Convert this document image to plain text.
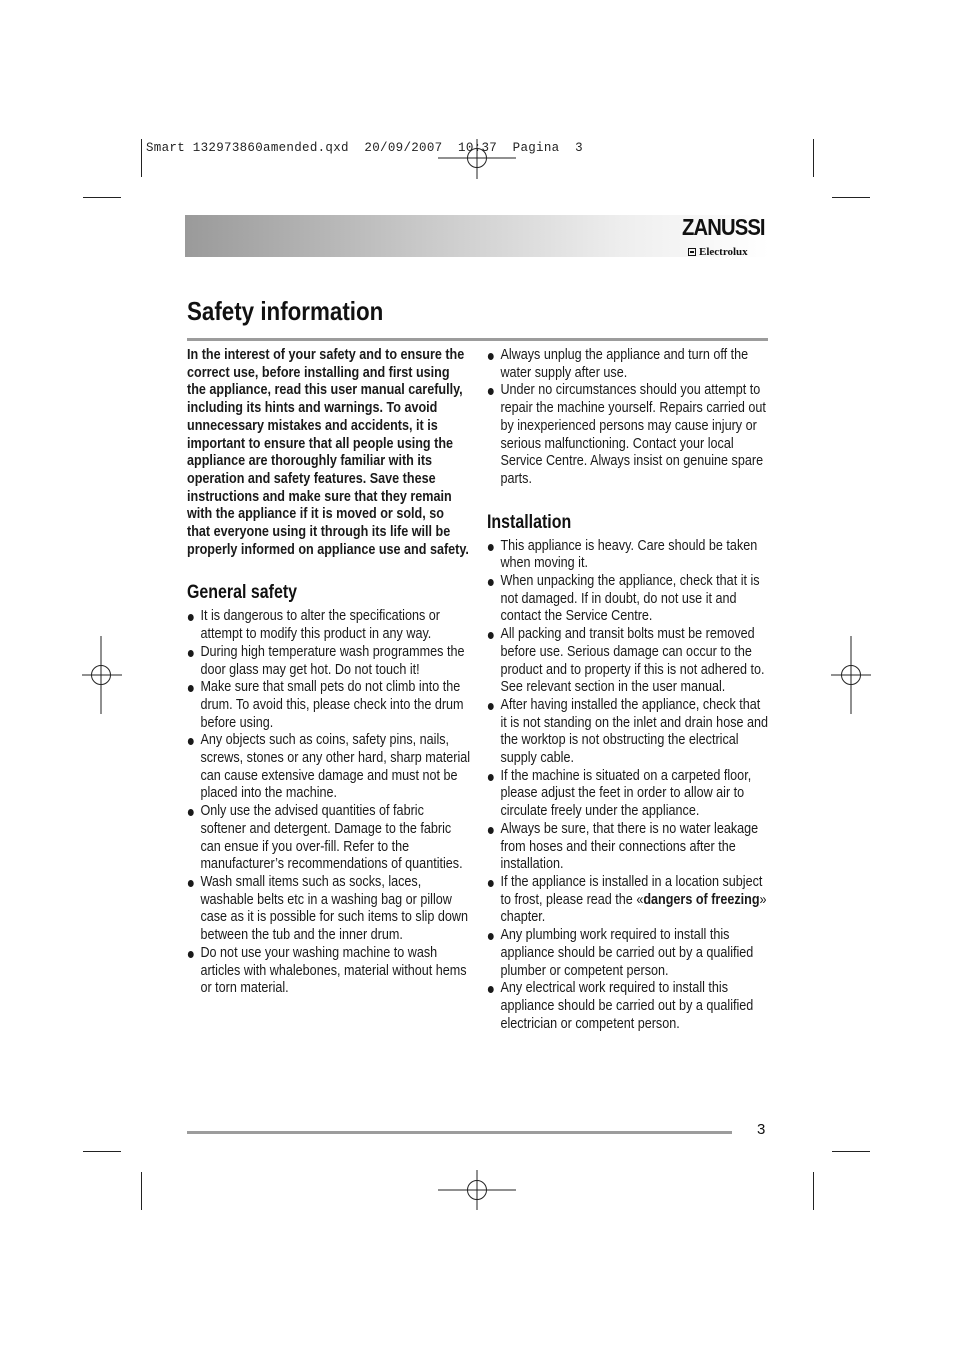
Smart 132973860amended.qxd  20/09/2007  10:37  Pagina  3
ZANUSSI
Electrolux
Safety information

In the interest of your safety and to ensure the correct use, before installing and first using the appliance, read this user manual carefully, including its hints and warnings. To avoid unnecessary mistakes and accidents, it is important to ensure that all people using the appliance are thoroughly familiar with its operation and safety features. Save these instructions and make sure that they remain with the appliance if it is moved or sold, so that everyone using it through its life will be properly informed on appliance use and safety.

General safety
It is dangerous to alter the specifications or attempt to modify this product in any way.
During high temperature wash programmes the door glass may get hot. Do not touch it!
Make sure that small pets do not climb into the drum. To avoid this, please check into the drum before using.
Any objects such as coins, safety pins, nails, screws, stones or any other hard, sharp material can cause extensive damage and must not be placed into the machine.
Only use the advised quantities of fabric softener and detergent. Damage to the fabric can ensue if you over-fill. Refer to the manufacturer’s recommendations of quantities.
Wash small items such as socks, laces, washable belts etc in a washing bag or pillow case as it is possible for such items to slip down between the tub and the inner drum.
Do not use your washing machine to wash articles with whalebones, material without hems or torn material.
Always unplug the appliance and turn off the water supply after use.
Under no circumstances should you attempt to repair the machine yourself. Repairs carried out by inexperienced persons may cause injury or serious malfunctioning. Contact your local Service Centre. Always insist on genuine spare parts.
Installation
This appliance is heavy. Care should be taken when moving it.
When unpacking the appliance, check that it is not damaged. If in doubt, do not use it and contact the Service Centre.
All packing and transit bolts must be removed before use. Serious damage can occur to the product and to property if this is not adhered to. See relevant section in the user manual.
After having installed the appliance, check that it is not standing on the inlet and drain hose and the worktop is not obstructing the electrical supply cable.
If the machine is situated on a carpeted floor, please adjust the feet in order to allow air to circulate freely under the appliance.
Always be sure, that there is no water leakage from hoses and their connections after the installation.
If the appliance is installed in a location subject to frost, please read the «dangers of freezing» chapter.
Any plumbing work required to install this appliance should be carried out by a qualified plumber or competent person.
Any electrical work required to install this appliance should be carried out by a qualified electrician or competent person.
3
